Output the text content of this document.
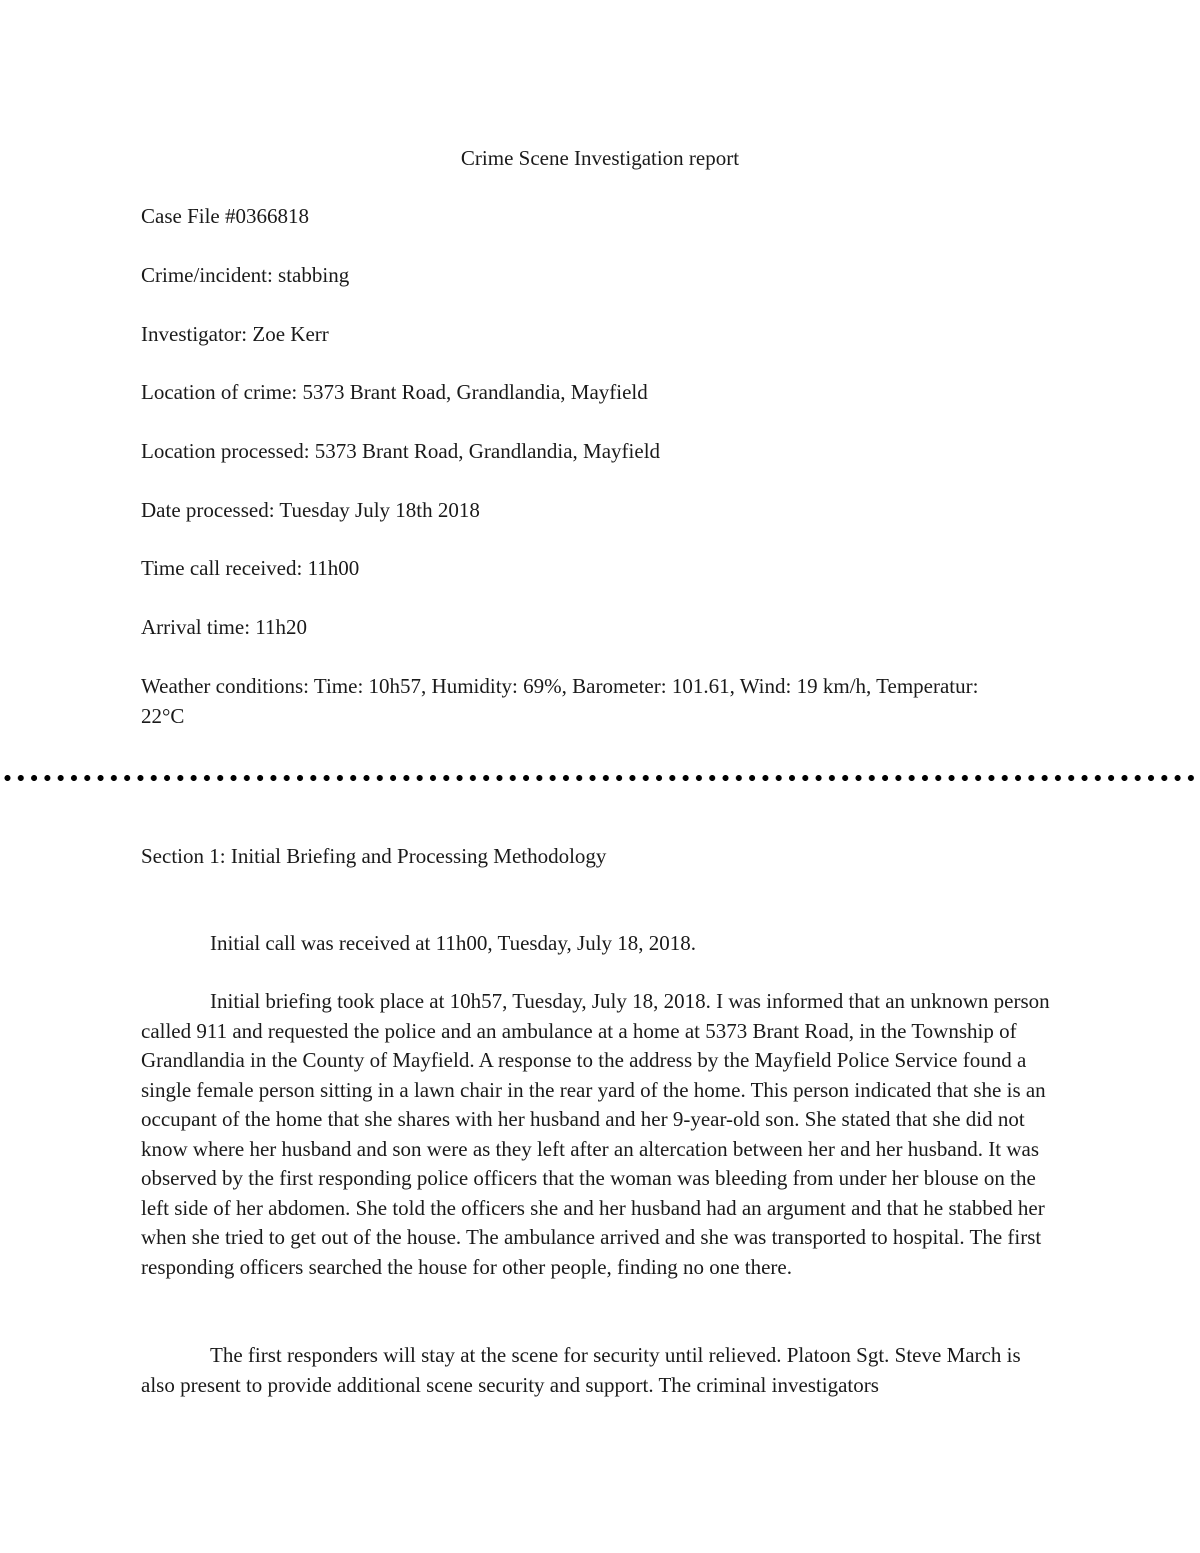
Crime Scene Investigation report
Case File #0366818
Crime/incident: stabbing
Investigator: Zoe Kerr
Location of crime: 5373 Brant Road, Grandlandia, Mayfield
Location processed: 5373 Brant Road, Grandlandia, Mayfield
Date processed: Tuesday July 18th 2018
Time call received: 11h00
Arrival time: 11h20
Weather conditions: Time: 10h57, Humidity: 69%, Barometer: 101.61, Wind: 19 km/h, Temperatur: 22°C
Section 1: Initial Briefing and Processing Methodology

Initial call was received at 11h00, Tuesday, July 18, 2018.

Initial briefing took place at 10h57, Tuesday, July 18, 2018. I was informed that an unknown person called 911 and requested the police and an ambulance at a home at 5373 Brant Road, in the Township of Grandlandia in the County of Mayfield. A response to the address by the Mayfield Police Service found a single female person sitting in a lawn chair in the rear yard of the home. This person indicated that she is an occupant of the home that she shares with her husband and her 9-year-old son. She stated that she did not know where her husband and son were as they left after an altercation between her and her husband. It was observed by the first responding police officers that the woman was bleeding from under her blouse on the left side of her abdomen. She told the officers she and her husband had an argument and that he stabbed her when she tried to get out of the house. The ambulance arrived and she was transported to hospital. The first responding officers searched the house for other people, finding no one there.

The first responders will stay at the scene for security until relieved. Platoon Sgt. Steve March is also present to provide additional scene security and support. The criminal investigators
